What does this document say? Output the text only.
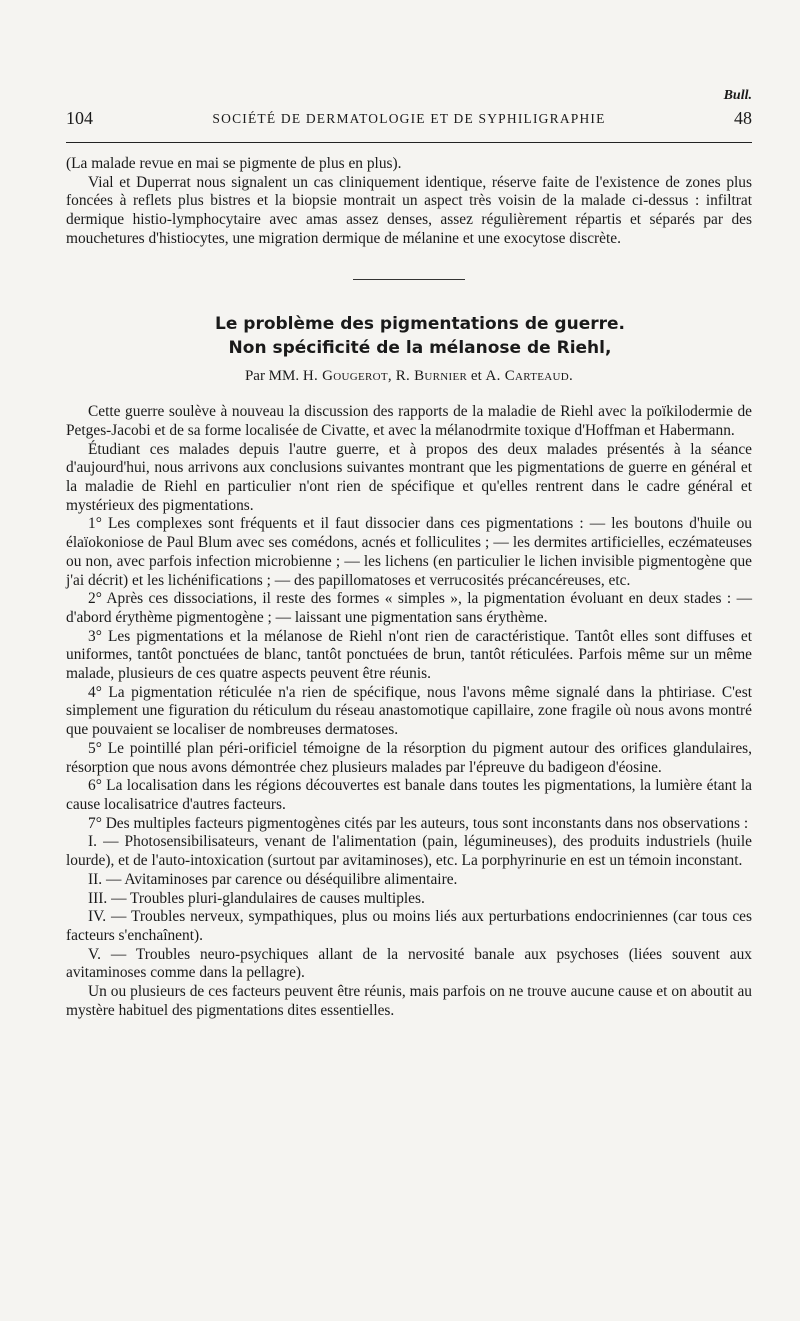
Bull.
104	SOCIÉTÉ DE DERMATOLOGIE ET DE SYPHILIGRAPHIE	48

(La malade revue en mai se pigmente de plus en plus).

Vial et Duperrat nous signalent un cas cliniquement identique, réserve faite de l'existence de zones plus foncées à reflets plus bistres et la biopsie montrait un aspect très voisin de la malade ci-dessus : infiltrat dermique histio-lymphocytaire avec amas assez denses, assez régulièrement répartis et séparés par des mouchetures d'histiocytes, une migration dermique de mélanine et une exocytose discrète.

Le problème des pigmentations de guerre.

Non spécificité de la mélanose de Riehl,

Par MM. H. Gougerot, R. Burnier et A. Carteaud.

Cette guerre soulève à nouveau la discussion des rapports de la maladie de Riehl avec la poïkilodermie de Petges-Jacobi et de sa forme localisée de Civatte, et avec la mélanodrmite toxique d'Hoffman et Habermann.

Étudiant ces malades depuis l'autre guerre, et à propos des deux malades présentés à la séance d'aujourd'hui, nous arrivons aux conclusions suivantes montrant que les pigmentations de guerre en général et la maladie de Riehl en particulier n'ont rien de spécifique et qu'elles rentrent dans le cadre général et mystérieux des pigmentations.

1° Les complexes sont fréquents et il faut dissocier dans ces pigmentations : — les boutons d'huile ou élaïokoniose de Paul Blum avec ses comédons, acnés et folliculites ; — les dermites artificielles, eczémateuses ou non, avec parfois infection microbienne ; — les lichens (en particulier le lichen invisible pigmentogène que j'ai décrit) et les lichénifications ; — des papillomatoses et verrucosités précancéreuses, etc.

2° Après ces dissociations, il reste des formes « simples », la pigmentation évoluant en deux stades : — d'abord érythème pigmentogène ; — laissant une pigmentation sans érythème.

3° Les pigmentations et la mélanose de Riehl n'ont rien de caractéristique. Tantôt elles sont diffuses et uniformes, tantôt ponctuées de blanc, tantôt ponctuées de brun, tantôt réticulées. Parfois même sur un même malade, plusieurs de ces quatre aspects peuvent être réunis.

4° La pigmentation réticulée n'a rien de spécifique, nous l'avons même signalé dans la phtiriase. C'est simplement une figuration du réticulum du réseau anastomotique capillaire, zone fragile où nous avons montré que pouvaient se localiser de nombreuses dermatoses.

5° Le pointillé plan péri-orificiel témoigne de la résorption du pigment autour des orifices glandulaires, résorption que nous avons démontrée chez plusieurs malades par l'épreuve du badigeon d'éosine.

6° La localisation dans les régions découvertes est banale dans toutes les pigmentations, la lumière étant la cause localisatrice d'autres facteurs.

7° Des multiples facteurs pigmentogènes cités par les auteurs, tous sont inconstants dans nos observations :

I. — Photosensibilisateurs, venant de l'alimentation (pain, légumineuses), des produits industriels (huile lourde), et de l'auto-intoxication (surtout par avitaminoses), etc. La porphyrinurie en est un témoin inconstant.

II. — Avitaminoses par carence ou déséquilibre alimentaire.

III. — Troubles pluri-glandulaires de causes multiples.

IV. — Troubles nerveux, sympathiques, plus ou moins liés aux perturbations endocriniennes (car tous ces facteurs s'enchaînent).

V. — Troubles neuro-psychiques allant de la nervosité banale aux psychoses (liées souvent aux avitaminoses comme dans la pellagre).

Un ou plusieurs de ces facteurs peuvent être réunis, mais parfois on ne trouve aucune cause et on aboutit au mystère habituel des pigmentations dites essentielles.
